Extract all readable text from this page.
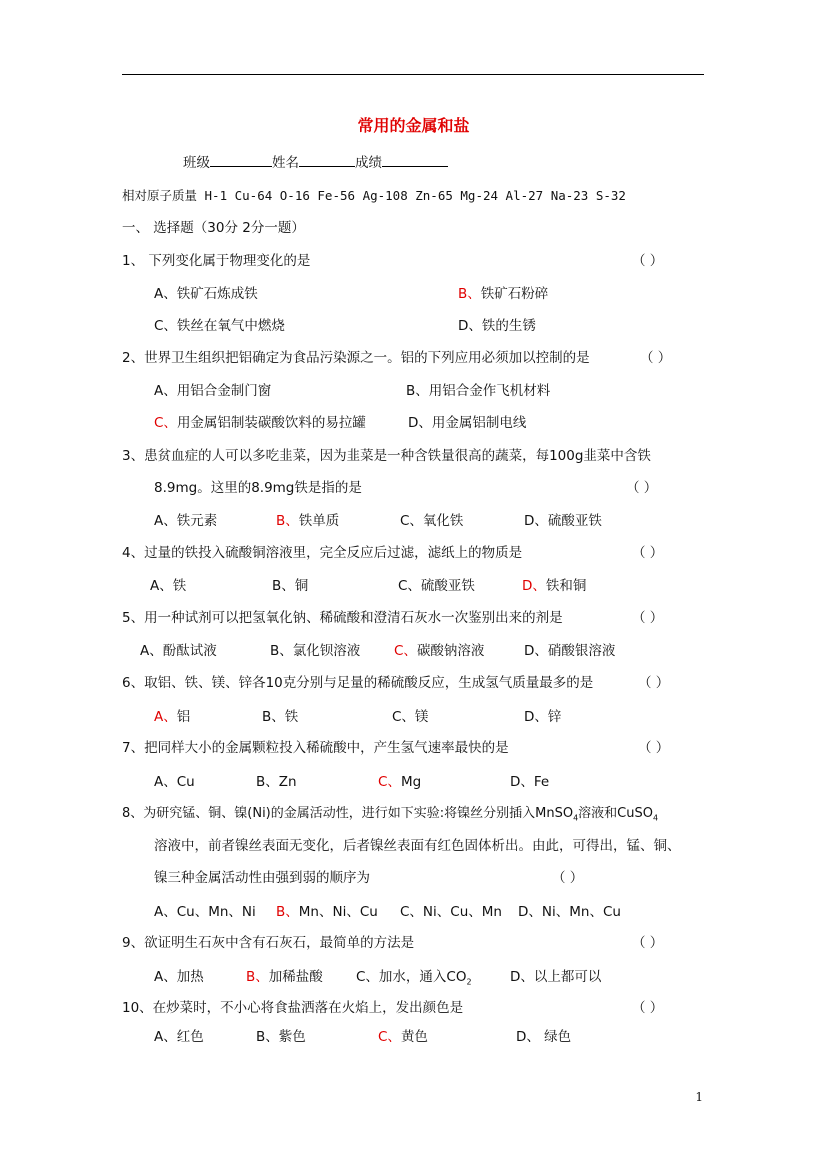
常用的金属和盐
班级	姓名	成绩
相对原子质量 H-1 Cu-64 O-16 Fe-56 Ag-108 Zn-65 Mg-24 Al-27 Na-23 S-32
一、 选择题（30分 2分一题）
1、 下列变化属于物理变化的是	（ ）
A、铁矿石炼成铁	B、铁矿石粉碎
C、铁丝在氧气中燃烧	D、铁的生锈
2、世界卫生组织把铝确定为食品污染源之一。铝的下列应用必须加以控制的是	（ ）
A、用铝合金制门窗	B、用铝合金作飞机材料
C、用金属铝制装碳酸饮料的易拉罐	D、用金属铝制电线
3、患贫血症的人可以多吃韭菜，因为韭菜是一种含铁量很高的蔬菜，每100g韭菜中含铁
8.9mg。这里的8.9mg铁是指的是	（ ）
A、铁元素	B、铁单质	C、氧化铁	D、硫酸亚铁
4、过量的铁投入硫酸铜溶液里，完全反应后过滤，滤纸上的物质是	（ ）
A、铁	B、铜	C、硫酸亚铁	D、铁和铜
5、用一种试剂可以把氢氧化钠、稀硫酸和澄清石灰水一次鉴别出来的剂是	（ ）
A、酚酞试液	B、氯化钡溶液 C、碳酸钠溶液	D、硝酸银溶液
6、取铝、铁、镁、锌各10克分别与足量的稀硫酸反应，生成氢气质量最多的是	（ ）
A、铝	B、铁	C、镁	D、锌
7、把同样大小的金属颗粒投入稀硫酸中，产生氢气速率最快的是	（ ）
A、Cu	B、Zn	C、Mg	D、Fe
8、为研究锰、铜、镍(Ni)的金属活动性，进行如下实验:将镍丝分别插入MnSO$_4$溶液和CuSO$_4$
溶液中，前者镍丝表面无变化，后者镍丝表面有红色固体析出。由此，可得出，锰、铜、
镍三种金属活动性由强到弱的顺序为	（ ）
A、Cu、Mn、Ni B、Mn、Ni、Cu C、Ni、Cu、Mn D、Ni、Mn、Cu
9、欲证明生石灰中含有石灰石，最简单的方法是	（ ）
A、加热	B、加稀盐酸 C、加水，通入$CO_2$	D、以上都可以
10、在炒菜时，不小心将食盐洒落在火焰上，发出颜色是	（ ）
A、红色	B、紫色	C、黄色	D、 绿色
1
